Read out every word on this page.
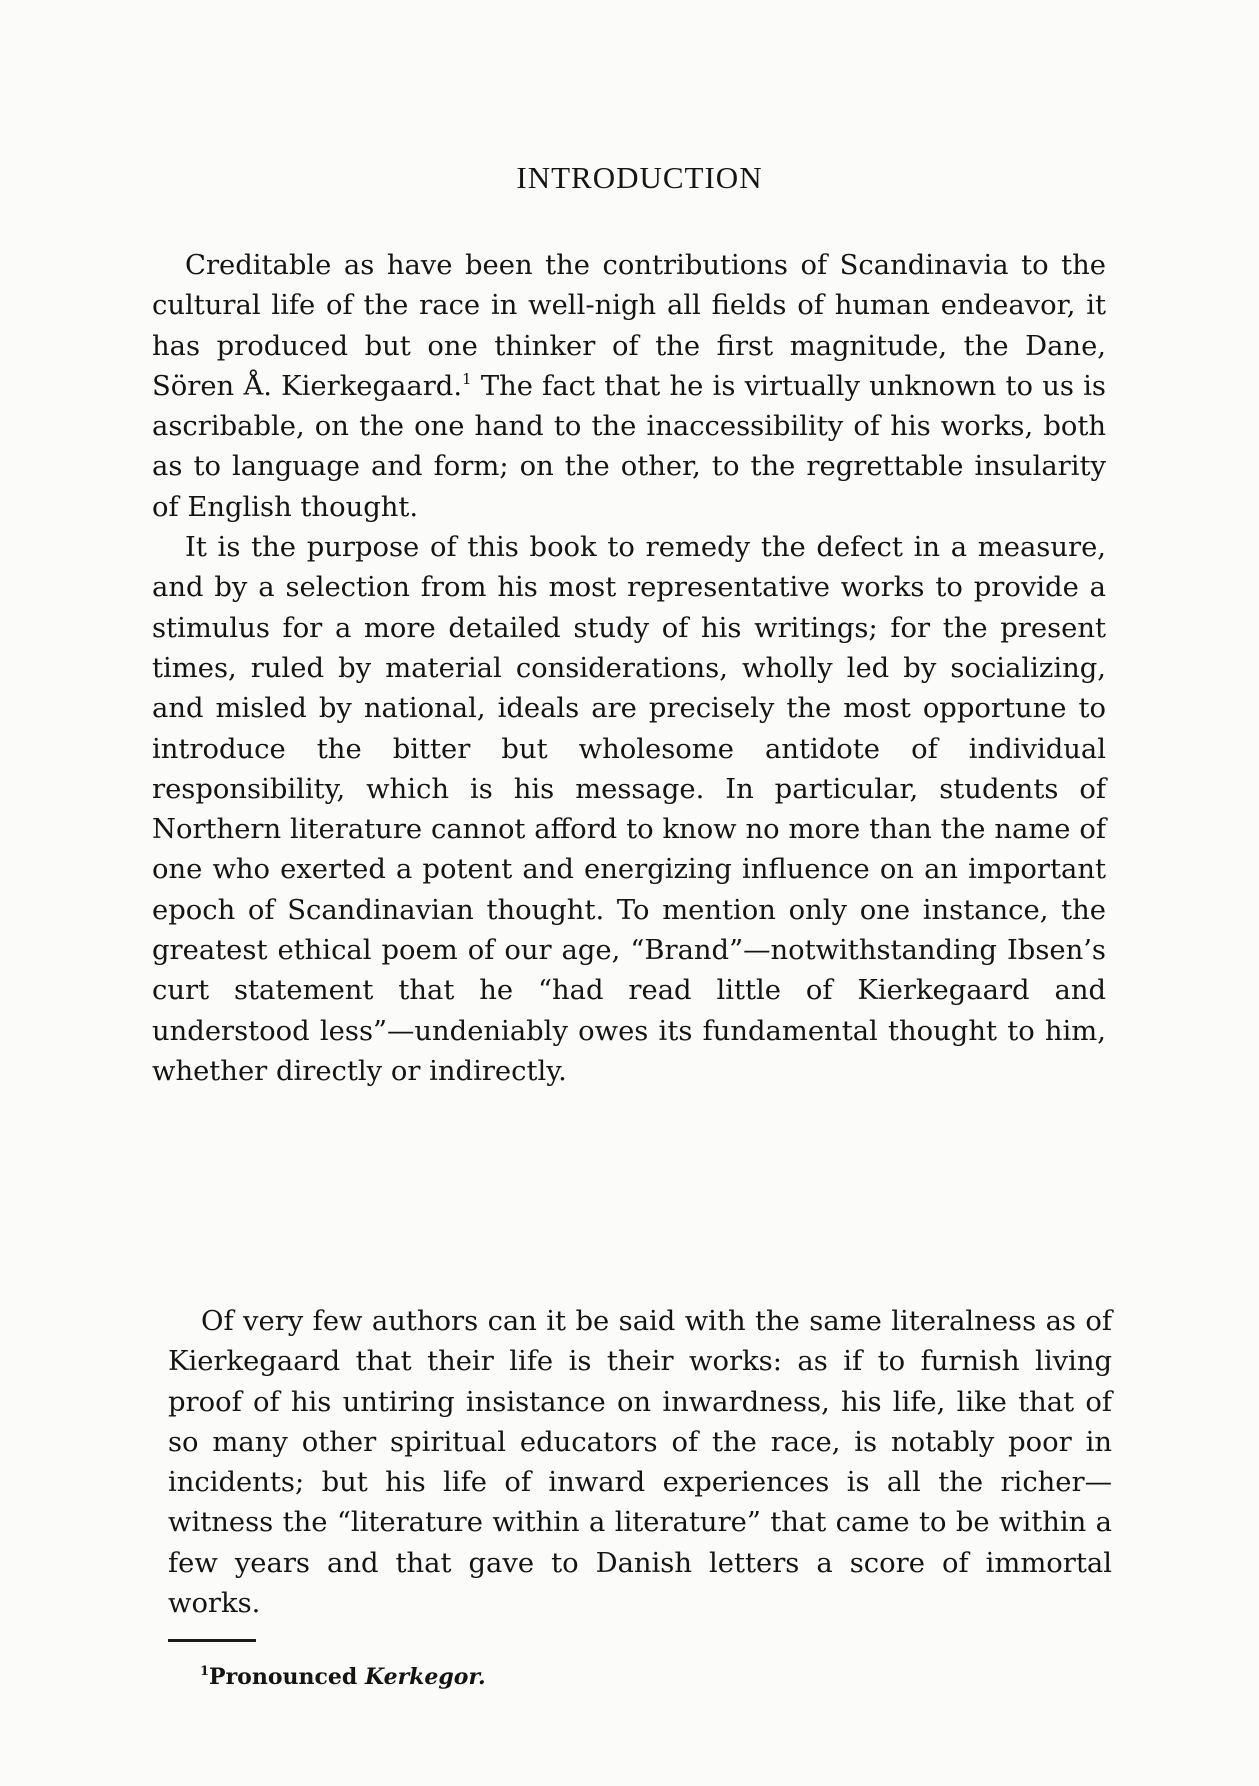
INTRODUCTION

Creditable as have been the contributions of Scandinavia to the cultural life of the race in well-nigh all fields of human endeavor, it has produced but one thinker of the first magnitude, the Dane, Sören Å. Kierkegaard.$^1$ The fact that he is virtually unknown to us is ascribable, on the one hand to the inaccessibility of his works, both as to language and form; on the other, to the regrettable insularity of English thought.

It is the purpose of this book to remedy the defect in a measure, and by a selection from his most representative works to provide a stimulus for a more detailed study of his writings; for the present times, ruled by material considerations, wholly led by socializing, and misled by national, ideals are precisely the most opportune to introduce the bitter but wholesome antidote of individual responsibility, which is his message. In particular, students of Northern literature cannot afford to know no more than the name of one who exerted a potent and energizing influence on an important epoch of Scandinavian thought. To mention only one instance, the greatest ethical poem of our age, “Brand”—notwithstanding Ibsen’s curt statement that he “had read little of Kierkegaard and understood less”—undeniably owes its fundamental thought to him, whether directly or indirectly.

Of very few authors can it be said with the same literalness as of Kierkegaard that their life is their works: as if to furnish living proof of his untiring insistance on inwardness, his life, like that of so many other spiritual educators of the race, is notably poor in incidents; but his life of inward experiences is all the richer—witness the “literature within a literature” that came to be within a few years and that gave to Danish letters a score of immortal works.

$^1$Pronounced Kerkegor.
